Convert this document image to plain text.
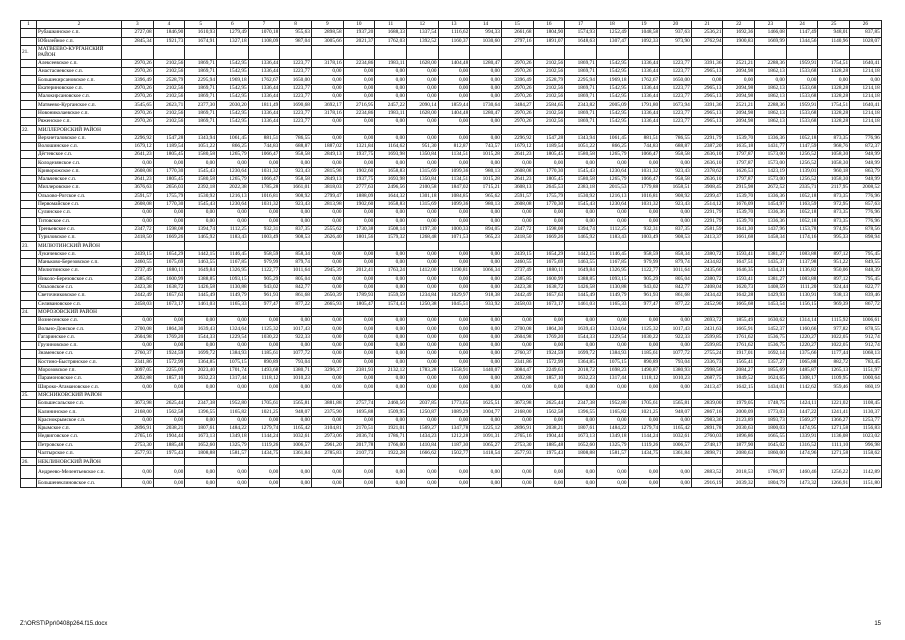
1	2	3	4	5	6	7	8	9	10	11	12	13	14	15	16	17	18	19	20	21	22	23	24	25	26
	Рубашкинское с.п.	2727,08	1846,90	1610,93	1279,49	1070,18	955,63	2898,58	1937,20	1688,33	1337,54	1116,62	994,33	2661,68	1804,90	1574,93	1252,49	1048,58	937,63	2536,21	1692,36	1466,08	1147,49	948,01	837,85
	Юбилейное с.п.	2845,34	1921,73	1674,91	1327,18	1108,09	987,04	3005,66	2021,37	1762,03	1392,52	1160,37	1030,60	2797,16	1891,07	1648,63	1307,47	1092,33	973,90	2762,94	1900,83	1669,99	1344,56	1140,96	1028,07
21.	МАТВЕЕВО-КУРГАНСКИЙ РАЙОН																								
	Алексеевское с.п.	2970,26	2102,56	1869,71	1542,95	1336,44	1223,77	3178,16	2234,86	1983,11	1628,00	1404,48	1280,47	2970,26	2102,56	1869,71	1542,95	1336,44	1223,77	3391,36	2521,21	2288,36	1959,91	1754,51	1640,41
	Анастасиевское с.п.	2970,26	2102,56	1869,71	1542,95	1336,44	1223,77	0,00	0,00	0,00	0,00	0,00	0,00	2970,26	2102,56	1869,71	1542,95	1336,44	1223,77	2965,13	2094,98	1862,13	1533,68	1328,28	1214,18
	Большекирсановское с.п.	3396,49	2528,79	2295,94	1969,18	1762,67	1650,00	0,00	0,00	0,00	0,00	0,00	0,00	3396,49	2528,79	2295,94	1969,18	1762,67	1650,00	0,00	0,00	0,00	0,00	0,00	0,00
	Екатериновское с.п.	2970,26	2102,56	1869,71	1542,95	1336,44	1223,77	0,00	0,00	0,00	0,00	0,00	0,00	2970,26	2102,56	1869,71	1542,95	1336,44	1223,77	2965,13	2094,98	1862,13	1533,68	1328,28	1214,18
	Малокирсановское с.п.	2970,26	2102,56	1869,71	1542,95	1336,44	1223,77	0,00	0,00	0,00	0,00	0,00	0,00	2970,26	2102,56	1869,71	1542,95	1336,44	1223,77	2965,13	2094,98	1862,13	1533,68	1328,28	1214,18
	Матвеево-Курганское с.п.	3545,65	2623,71	2377,30	2030,20	1811,49	1690,68	3692,17	2716,95	2457,22	2090,14	1859,44	1730,64	3484,27	2584,65	2343,82	2005,09	1791,80	1673,94	3391,36	2521,21	2288,36	1959,91	1754,51	1640,41
	Новониколаевское с.п.	2970,26	2102,56	1869,71	1542,95	1336,44	1223,77	3178,16	2234,86	1983,11	1628,00	1404,48	1280,47	2970,26	2102,56	1869,71	1542,95	1336,44	1223,77	2965,13	2094,98	1862,13	1533,68	1328,28	1214,18
	Ряженское с.п.	2970,26	2102,56	1869,71	1542,95	1336,44	1223,77	0,00	0,00	0,00	0,00	0,00	0,00	2970,26	2102,56	1869,71	1542,95	1336,44	1223,77	2965,13	2094,98	1862,13	1533,68	1328,28	1214,18
22.	МИЛЛЕРОВСКИЙ РАЙОН																								
	Верхнеталовское с.п.	2296,92	1547,28	1343,94	1061,45	881,51	786,55	0,00	0,00	0,00	0,00	0,00	0,00	2296,92	1547,28	1343,94	1061,45	881,51	786,55	2291,79	1539,70	1336,36	1052,18	873,35	776,96
	Волошинское с.п.	1679,12	1189,54	1051,22	866,25	744,83	688,87	1887,02	1321,84	1164,62	951,30	812,87	743,57	1679,12	1189,54	1051,22	866,25	744,83	688,87	2387,20	1635,18	1431,77	1147,59	968,76	872,37
	Дёгтевское с.п.	2641,23	1805,45	1580,58	1265,79	1066,47	958,58	2849,13	1937,75	1693,98	1350,84	1134,51	1015,28	2641,23	1805,45	1580,58	1265,79	1066,47	958,58	2636,10	1797,87	1573,00	1256,52	1058,30	948,99
	Колодезянское с.п.	0,00	0,00	0,00	0,00	0,00	0,00	0,00	0,00	0,00	0,00	0,00	0,00	0,00	0,00	0,00	0,00	0,00	0,00	2636,10	1797,87	1573,00	1256,52	1058,30	948,99
	Криворожское с.п.	2608,08	1770,30	1545,43	1230,64	1031,32	923,43	2815,98	1902,60	1658,83	1315,69	1099,36	980,13	2608,08	1770,30	1545,43	1230,64	1031,32	923,43	2378,62	1626,53	1423,19	1139,01	960,18	863,79
	Мальчевское с.п.	2641,23	1805,45	1580,58	1265,79	1066,47	958,58	2849,13	1937,75	1693,98	1350,84	1134,51	1015,28	2641,23	1805,45	1580,58	1265,79	1066,47	958,58	2636,10	1797,87	1573,00	1256,52	1058,30	948,99
	Миллеровское с.п.	3676,63	2656,03	2392,18	2022,38	1785,28	1661,01	3818,03	2777,63	2496,56	2100,58	1847,02	1715,21	3608,13	2645,53	2383,18	2015,53	1779,88	1658,51	3908,45	2915,98	2672,52	2335,71	2117,95	2008,52
	Ольхово-Рогское с.п.	2591,57	1755,79	1530,92	1216,13	1016,81	908,92	2799,47	1888,09	1644,32	1301,18	1084,85	965,62	2591,57	1755,79	1530,92	1216,13	1016,81	908,92	2299,47	1539,70	1336,36	1052,18	873,35	776,96
	Первомайское с.п.	2608,08	1770,30	1545,43	1230,64	1031,32	923,43	2813,98	1902,60	1658,83	1315,69	1099,36	980,13	2608,08	1770,30	1545,43	1230,64	1031,32	923,43	2514,12	1676,09	1454,97	1163,59	972,95	857,63
	Сулинское с.п.	0,00	0,00	0,00	0,00	0,00	0,00	0,00	0,00	0,00	0,00	0,00	0,00	0,00	0,00	0,00	0,00	0,00	0,00	2291,79	1539,70	1336,36	1052,18	873,35	776,96
	Титовское с.п.	0,00	0,00	0,00	0,00	0,00	0,00	0,00	0,00	0,00	0,00	0,00	0,00	0,00	0,00	0,00	0,00	0,00	0,00	2291,79	1539,70	1336,36	1052,18	873,35	776,96
	Треньевское с.п.	2347,72	1598,08	1394,74	1112,25	932,31	837,35	2555,62	1730,38	1508,14	1197,30	1000,33	894,05	2347,72	1598,08	1394,74	1112,25	932,31	837,35	2581,59	1641,30	1437,96	1153,78	974,95	878,56
	Туриловское с.п.	2418,50	1669,26	1465,92	1183,43	1003,49	908,53	2626,40	1801,56	1579,32	1268,48	1071,53	965,23	2418,50	1669,26	1465,92	1183,43	1003,49	908,53	2413,37	1661,68	1458,34	1174,16	995,33	898,94
23.	МИЛЮТИНСКИЙ РАЙОН																								
	Лукичевское с.п.	2439,15	1654,29	1442,15	1146,45	958,59	858,34	0,00	0,00	0,00	0,00	0,00	0,00	2439,15	1654,29	1442,15	1146,45	958,59	858,34	2380,72	1593,41	1381,27	1083,88	897,12	795,45
	Маньково-Березовское с.п.	2460,55	1675,69	1463,55	1167,85	979,99	879,74	0,00	0,00	0,00	0,00	0,00	0,00	2460,55	1675,69	1463,55	1167,85	979,99	879,74	2434,82	1647,51	1435,37	1137,98	951,22	849,55
	Милютинское с.п.	2737,49	1880,11	1649,84	1326,95	1122,77	1011,64	2945,39	2012,41	1763,24	1412,00	1190,81	1066,34	2737,49	1880,11	1649,84	1326,95	1122,77	1011,64	2435,66	1646,35	1434,21	1136,82	950,06	848,39
	Николо-Березовское с.п.	2385,85	1600,99	1388,85	1093,15	905,29	805,04	0,00	0,00	0,00	0,00	0,00	0,00	2385,85	1600,99	1388,85	1093,15	905,29	805,04	2380,72	1593,41	1381,27	1083,88	897,12	795,45
	Ольховское с.п.	2423,38	1638,72	1426,58	1130,88	943,02	842,77	0,00	0,00	0,00	0,00	0,00	0,00	2423,38	1638,72	1426,58	1130,88	943,02	842,77	2408,04	1620,73	1408,59	1111,20	924,44	822,77
	Светочниковское с.п.	2442,49	1657,63	1445,49	1149,79	961,93	861,68	2650,39	1789,93	1559,59	1234,84	1029,97	918,38	2442,49	1657,63	1445,49	1149,79	961,93	861,68	2434,42	1642,28	1429,93	1130,91	938,13	839,46
	Селивановское с.п.	2458,03	1673,17	1461,03	1165,33	977,47	877,22	2665,93	1805,47	1574,43	1250,38	1045,51	933,92	2458,03	1673,17	1461,03	1165,33	977,47	877,22	2452,90	1665,68	1453,54	1156,15	969,39	867,72
24.	МОРОЗОВСКИЙ РАЙОН																								
	Вознесенское с.п.	0,00	0,00	0,00	0,00	0,00	0,00	0,00	0,00	0,00	0,00	0,00	0,00	0,00	0,00	0,00	0,00	0,00	0,00	2693,72	1855,49	1630,62	1314,14	1115,92	1006,61
	Вольно-Донское с.п.	2700,08	1864,30	1639,43	1324,64	1125,32	1017,43	0,00	0,00	0,00	0,00	0,00	0,00	2700,08	1864,30	1639,43	1324,64	1125,32	1017,43	2431,63	1665,91	1452,37	1160,66	977,82	878,55
	Гагаринское с.п.	2604,98	1769,20	1544,33	1229,54	1030,22	922,33	0,00	0,00	0,00	0,00	0,00	0,00	2604,98	1769,20	1544,33	1229,54	1030,22	922,33	2599,85	1761,62	1536,75	1220,27	1022,05	912,74
	Грузиновское с.п.	0,00	0,00	0,00	0,00	0,00	0,00	0,00	0,00	0,00	0,00	0,00	0,00	0,00	0,00	0,00	0,00	0,00	0,00	2599,85	1761,62	1536,75	1220,27	1022,05	912,74
	Знаменское с.п.	2760,37	1924,59	1699,72	1384,93	1185,61	1077,72	0,00	0,00	0,00	0,00	0,00	0,00	2760,37	1924,59	1699,72	1384,93	1185,61	1077,72	2755,24	1917,01	1692,14	1375,66	1177,44	1068,13
	Костино-Быстрянское с.п.	2341,86	1572,99	1364,85	1075,15	890,89	793,04	0,00	0,00	0,00	0,00	0,00	0,00	2341,86	1572,99	1364,85	1075,15	890,89	793,04	2336,73	1565,41	1357,27	1065,88	882,72	783,45
	Морозовское г.п.	3097,05	2255,09	2023,40	1701,74	1493,68	1380,71	3296,37	2381,93	2132,12	1783,28	1558,91	1440,07	3084,47	2249,63	2018,72	1698,23	1490,87	1380,93	2998,56	2084,27	1855,69	1485,87	1265,13	1151,97
	Парамоновское с.п.	2692,88	1857,10	1632,23	1317,44	1118,12	1010,23	0,00	0,00	0,00	0,00	0,00	0,00	2692,88	1857,10	1632,23	1317,44	1118,12	1010,23	2687,75	1849,52	1624,65	1308,17	1109,95	1000,64
	Широко-Атамановское с.п.	0,00	0,00	0,00	0,00	0,00	0,00	0,00	0,00	0,00	0,00	0,00	0,00	0,00	0,00	0,00	0,00	0,00	0,00	2413,47	1642,15	1434,01	1142,62	959,46	860,19
25.	МЯСНИКОВСКИЙ РАЙОН																								
	Большесальское с.п.	3673,98	2625,44	2347,38	1952,80	1705,61	1565,81	3881,88	2757,74	2460,56	2037,85	1773,65	1625,51	3673,98	2625,44	2347,38	1952,80	1705,61	1565,81	2839,00	1979,05	1748,75	1424,11	1221,02	1108,45
	Калининское с.п.	2168,00	1562,58	1396,55	1165,82	1021,25	948,07	2375,90	1695,88	1509,95	1250,87	1089,29	1004,77	2168,00	1562,58	1396,55	1165,82	1021,25	948,07	2867,16	2000,09	1773,03	1447,22	1241,41	1130,37
	Краснокрымское с.п.	0,00	0,00	0,00	0,00	0,00	0,00	0,00	0,00	0,00	0,00	0,00	0,00	0,00	0,00	0,00	0,00	0,00	0,00	2983,36	2123,89	1893,73	1569,27	1366,27	1253,77
	Крымское с.п.	2896,91	2038,21	1807,61	1484,22	1279,74	1165,42	3104,81	2170,51	1921,01	1569,27	1347,78	1225,12	2896,91	2038,21	1807,61	1484,22	1279,74	1165,42	2891,78	2030,63	1800,03	1474,95	1271,58	1156,83
	Недвиговское с.п.	2765,16	1904,44	1673,13	1349,18	1144,24	1032,61	2973,06	2036,74	1786,71	1434,23	1212,28	1091,31	2765,16	1904,44	1673,13	1349,18	1144,24	1032,61	2760,03	1896,86	1665,55	1339,91	1136,08	1023,02
	Петровское с.п.	2753,30	1885,48	1652,60	1325,79	1119,26	1006,57	2961,20	2017,78	1766,00	1410,84	1187,30	1065,27	2753,30	1885,48	1652,60	1325,79	1119,26	1006,57	2748,17	1877,90	1645,02	1316,52	1111,10	996,98
	Чалтырское с.п.	2577,93	1975,43	1808,88	1581,57	1434,75	1361,84	2785,83	2107,73	1922,28	1666,62	1502,77	1418,54	2577,93	1975,43	1808,88	1581,57	1434,75	1361,84	2898,71	2080,63	1860,00	1474,96	1271,58	1158,62
26.	НЕКЛИНОВСКИЙ РАЙОН																								
	Андреево-Мелентьевское с.п.	0,00	0,00	0,00	0,00	0,00	0,00	0,00	0,00	0,00	0,00	0,00	0,00	0,00	0,00	0,00	0,00	0,00	0,00	2883,52	2018,53	1786,97	1460,46	1256,22	1142,89
	Большенеклиновское с.п.	0,00	0,00	0,00	0,00	0,00	0,00	0,00	0,00	0,00	0,00	0,00	0,00	0,00	0,00	0,00	0,00	0,00	0,00	2916,19	2039,32	1804,79	1473,32	1266,91	1151,80
Z:\ORST\Ppr\0408p264.f15.docx	15
